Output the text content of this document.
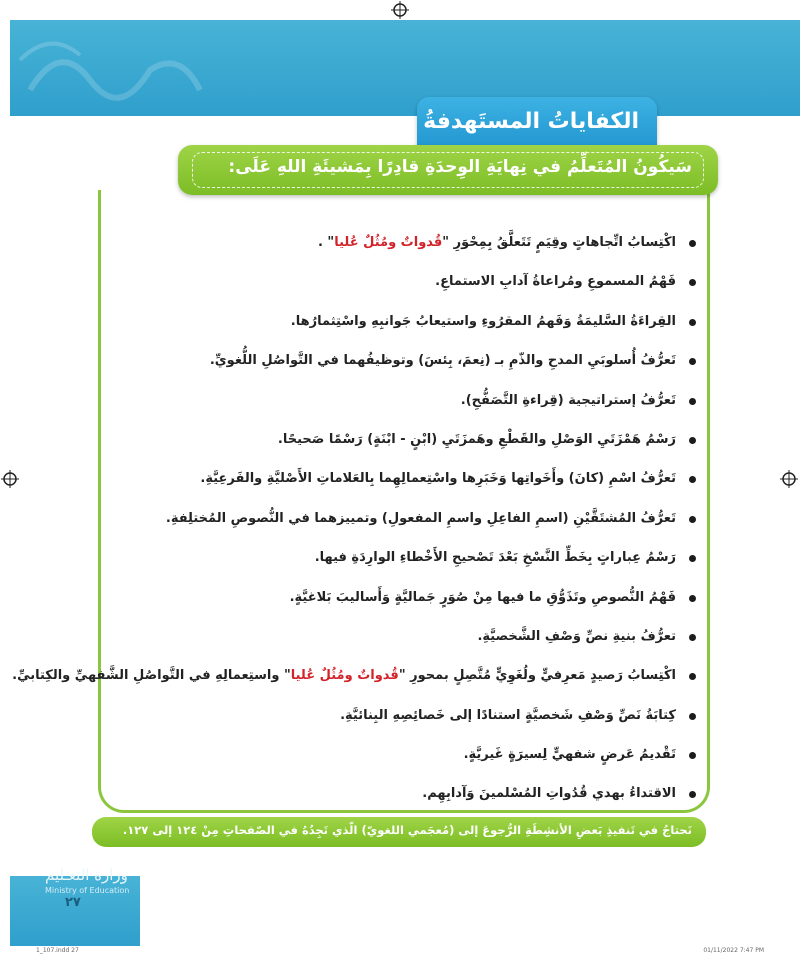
الكفاياتُ المستَهدفةُ
سَيكُونُ المُتَعلِّمُ في نِهايَةِ الوِحدَةِ قادِرًا بِمَشيئَةِ اللهِ عَلَى:
اكْتِسابُ اتِّجاهاتٍ وقِيَمٍ تَتَعلَّقُ بِمِحْوَرِ "قُدواتٌ ومُثُلٌ عُليا" .
فَهْمُ المسموعِ ومُراعاةُ آدابِ الاستماعِ.
القِراءَةُ السَّليمَةُ وَفَهمُ المقرُوءِ واستيعابُ جَوانبِهِ واسْتِثمارُها.
تَعرُّفُ أُسلوبَيِ المدحِ والذّمِ بـ (نِعمَ، بِئسَ) وتوظيفُهما في التَّواصُلِ اللُّغويِّ.
تَعرُّفُ إستراتيجية (قِراءةِ التَّصَفُّحِ).
رَسْمُ هَمْزَتَيِ الوَصْلِ والقَطْعِ وهَمزَتَيِ (ابْنٍ - ابْنَةٍ) رَسْمًا صَحيحًا.
تَعرُّفُ اسْمِ (كانَ) وأَخَواتِها وَخَبَرِها واسْتِعمالِهِما بِالعَلاماتِ الأَصْليَّةِ والفَرعِيَّةِ.
تَعرُّفُ المُشتَقَّيْنِ (اسمِ الفاعِلِ واسمِ المفعولِ) وتمييزهما في النُّصوصِ المُختلِفةِ.
رَسْمُ عِباراتٍ بِخَطِّ النَّسْخِ بَعْدَ تَصْحيحِ الأَخْطاءِ الوارِدَةِ فيها.
فَهْمُ النُّصوصِ وتَذَوُّقِ ما فيها مِنْ صُوَرٍ جَماليَّةٍ وَأَساليبَ بَلاغيَّةٍ.
تعرُّفُ بنيةِ نصِّ وَصْفِ الشَّخصيَّةِ.
اكْتِسابُ رَصيدٍ مَعرِفيٍّ ولُغَوِيٍّ مُتَّصِلٍ بمحورِ "قُدواتٌ ومُثُلٌ عُليا" واستِعمالِهِ في التَّواصُلِ الشَّفهيِّ والكِتابيِّ.
كِتابَةُ نَصِّ وَصْفِ شَخصيَّةٍ استنادًا إلى خَصائِصِهِ البِنائيَّةِ.
تَقْديمُ عَرضٍ شفهيٍّ لِسيرَةٍ غَيريَّةٍ.
الاقتداءُ بهدي قُدُواتِ المُسْلمينَ وَآدابِهِم.
نَحتاجُ في تَنفيذِ بَعضِ الأنشِطَةِ الرُّجوعَ إلى (مُعجَمي اللغويّ) الّذي تَجِدُهُ في الصّفحاتِ مِنْ ١٢٤ إلى ١٢٧.
وزارة التعـليم
Ministry of Education
٢٧
1_107.indd 27	01/11/2022 7:47 PM
